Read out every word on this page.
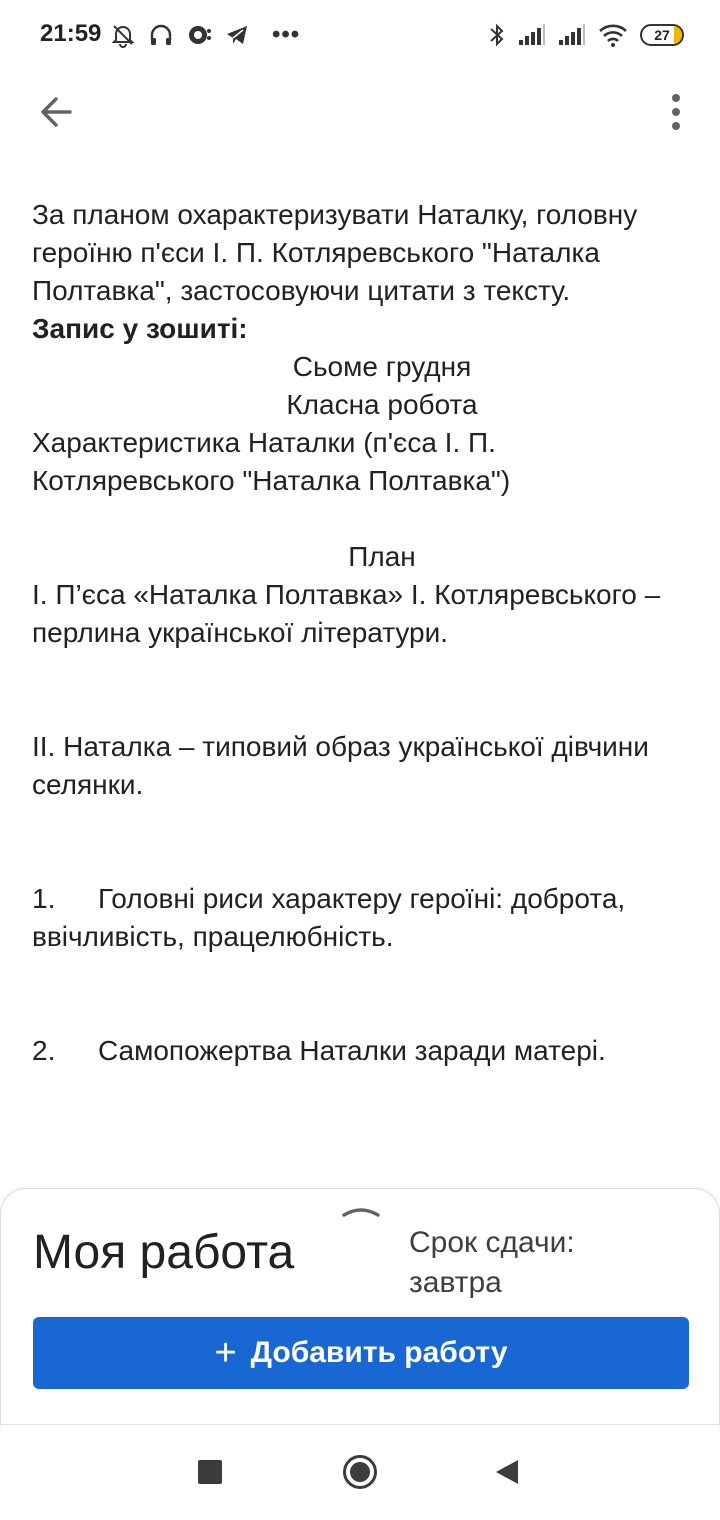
21:59	•••	27

За планом охарактеризувати Наталку, головну героїню п'єси І. П. Котляревського "Наталка Полтавка", застосовуючи цитати з тексту.

Запис у зошиті:

Сьоме грудня

Класна робота

Характеристика Наталки (п'єса І. П. Котляревського "Наталка Полтавка")

План

І. П’єса «Наталка Полтавка» І. Котляревського – перлина української літератури.

ІІ. Наталка – типовий образ української дівчини селянки.

1. Головні риси характеру героїні: доброта, ввічливість, працелюбність.

2. Самопожертва Наталки заради матері.

Моя работа	Срок сдачи:
завтра
+ Добавить работу
